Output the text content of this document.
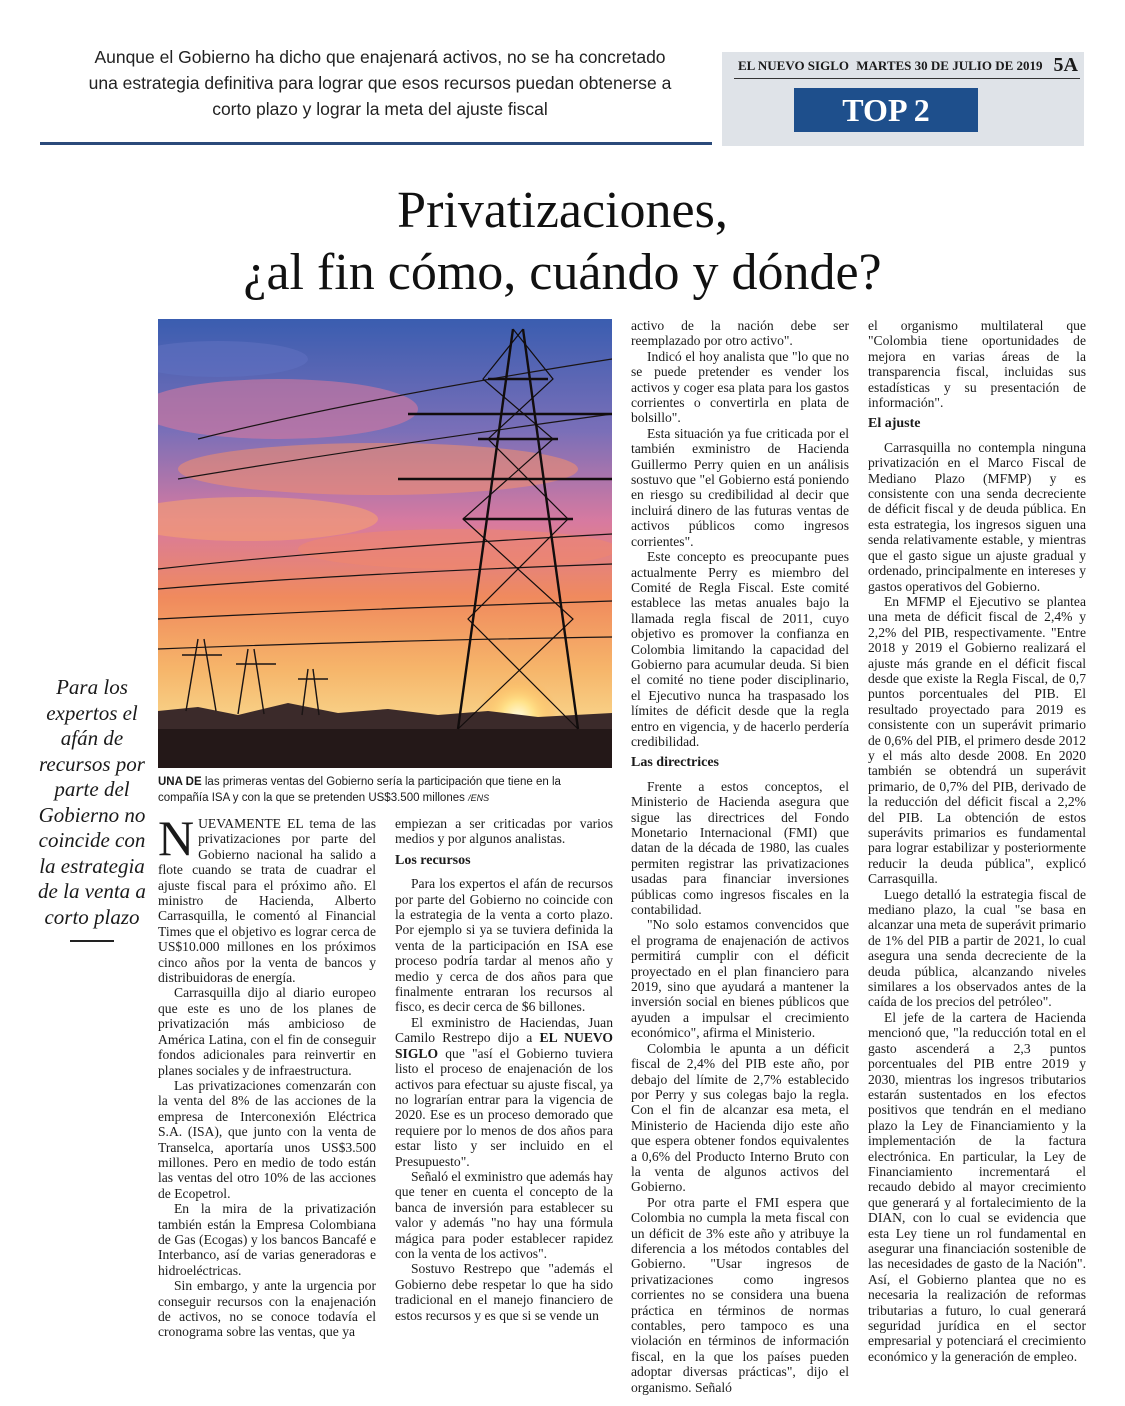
Aunque el Gobierno ha dicho que enajenará activos, no se ha concretado una estrategia definitiva para lograr que esos recursos puedan obtenerse a corto plazo y lograr la meta del ajuste fiscal
EL NUEVO SIGLO MARTES 30 DE JULIO DE 2019 5A
TOP 2
Privatizaciones,
¿al fin cómo, cuándo y dónde?
UNA DE las primeras ventas del Gobierno sería la participación que tiene en la compañía ISA y con la que se pretenden US$3.500 millones /ENS
Para los expertos el afán de recursos por parte del Gobierno no coincide con la estrategia de la venta a corto plazo

NUEVAMENTE EL tema de las privatizaciones por parte del Gobierno nacional ha salido a flote cuando se trata de cuadrar el ajuste fiscal para el próximo año. El ministro de Hacienda, Alberto Carrasquilla, le comentó al Financial Times que el objetivo es lograr cerca de US$10.000 millones en los próximos cinco años por la venta de bancos y distribuidoras de energía.

Carrasquilla dijo al diario europeo que este es uno de los planes de privatización más ambicioso de América Latina, con el fin de conseguir fondos adicionales para reinvertir en planes sociales y de infraestructura.

Las privatizaciones comenzarán con la venta del 8% de las acciones de la empresa de Interconexión Eléctrica S.A. (ISA), que junto con la venta de Transelca, aportaría unos US$3.500 millones. Pero en medio de todo están las ventas del otro 10% de las acciones de Ecopetrol.

En la mira de la privatización también están la Empresa Colombiana de Gas (Ecogas) y los bancos Bancafé e Interbanco, así de varias generadoras e hidroeléctricas.

Sin embargo, y ante la urgencia por conseguir recursos con la enajenación de activos, no se conoce todavía el cronograma sobre las ventas, que ya

empiezan a ser criticadas por varios medios y por algunos analistas.

Los recursos

Para los expertos el afán de recursos por parte del Gobierno no coincide con la estrategia de la venta a corto plazo. Por ejemplo si ya se tuviera definida la venta de la participación en ISA ese proceso podría tardar al menos año y medio y cerca de dos años para que finalmente entraran los recursos al fisco, es decir cerca de $6 billones.

El exministro de Haciendas, Juan Camilo Restrepo dijo a EL NUEVO SIGLO que "así el Gobierno tuviera listo el proceso de enajenación de los activos para efectuar su ajuste fiscal, ya no lograrían entrar para la vigencia de 2020. Ese es un proceso demorado que requiere por lo menos de dos años para estar listo y ser incluido en el Presupuesto".

Señaló el exministro que además hay que tener en cuenta el concepto de la banca de inversión para establecer su valor y además "no hay una fórmula mágica para poder establecer rapidez con la venta de los activos".

Sostuvo Restrepo que "además el Gobierno debe respetar lo que ha sido tradicional en el manejo financiero de estos recursos y es que si se vende un

activo de la nación debe ser reemplazado por otro activo".

Indicó el hoy analista que "lo que no se puede pretender es vender los activos y coger esa plata para los gastos corrientes o convertirla en plata de bolsillo".

Esta situación ya fue criticada por el también exministro de Hacienda Guillermo Perry quien en un análisis sostuvo que "el Gobierno está poniendo en riesgo su credibilidad al decir que incluirá dinero de las futuras ventas de activos públicos como ingresos corrientes".

Este concepto es preocupante pues actualmente Perry es miembro del Comité de Regla Fiscal. Este comité establece las metas anuales bajo la llamada regla fiscal de 2011, cuyo objetivo es promover la confianza en Colombia limitando la capacidad del Gobierno para acumular deuda. Si bien el comité no tiene poder disciplinario, el Ejecutivo nunca ha traspasado los límites de déficit desde que la regla entro en vigencia, y de hacerlo perdería credibilidad.

Las directrices

Frente a estos conceptos, el Ministerio de Hacienda asegura que sigue las directrices del Fondo Monetario Internacional (FMI) que datan de la década de 1980, las cuales permiten registrar las privatizaciones usadas para financiar inversiones públicas como ingresos fiscales en la contabilidad.

"No solo estamos convencidos que el programa de enajenación de activos permitirá cumplir con el déficit proyectado en el plan financiero para 2019, sino que ayudará a mantener la inversión social en bienes públicos que ayuden a impulsar el crecimiento económico", afirma el Ministerio.

Colombia le apunta a un déficit fiscal de 2,4% del PIB este año, por debajo del límite de 2,7% establecido por Perry y sus colegas bajo la regla. Con el fin de alcanzar esa meta, el Ministerio de Hacienda dijo este año que espera obtener fondos equivalentes a 0,6% del Producto Interno Bruto con la venta de algunos activos del Gobierno.

Por otra parte el FMI espera que Colombia no cumpla la meta fiscal con un déficit de 3% este año y atribuye la diferencia a los métodos contables del Gobierno. "Usar ingresos de privatizaciones como ingresos corrientes no se considera una buena práctica en términos de normas contables, pero tampoco es una violación en términos de información fiscal, en la que los países pueden adoptar diversas prácticas", dijo el organismo. Señaló

el organismo multilateral que "Colombia tiene oportunidades de mejora en varias áreas de la transparencia fiscal, incluidas sus estadísticas y su presentación de información".

El ajuste

Carrasquilla no contempla ninguna privatización en el Marco Fiscal de Mediano Plazo (MFMP) y es consistente con una senda decreciente de déficit fiscal y de deuda pública. En esta estrategia, los ingresos siguen una senda relativamente estable, y mientras que el gasto sigue un ajuste gradual y ordenado, principalmente en intereses y gastos operativos del Gobierno.

En MFMP el Ejecutivo se plantea una meta de déficit fiscal de 2,4% y 2,2% del PIB, respectivamente. "Entre 2018 y 2019 el Gobierno realizará el ajuste más grande en el déficit fiscal desde que existe la Regla Fiscal, de 0,7 puntos porcentuales del PIB. El resultado proyectado para 2019 es consistente con un superávit primario de 0,6% del PIB, el primero desde 2012 y el más alto desde 2008. En 2020 también se obtendrá un superávit primario, de 0,7% del PIB, derivado de la reducción del déficit fiscal a 2,2% del PIB. La obtención de estos superávits primarios es fundamental para lograr estabilizar y posteriormente reducir la deuda pública", explicó Carrasquilla.

Luego detalló la estrategia fiscal de mediano plazo, la cual "se basa en alcanzar una meta de superávit primario de 1% del PIB a partir de 2021, lo cual asegura una senda decreciente de la deuda pública, alcanzando niveles similares a los observados antes de la caída de los precios del petróleo".

El jefe de la cartera de Hacienda mencionó que, "la reducción total en el gasto ascenderá a 2,3 puntos porcentuales del PIB entre 2019 y 2030, mientras los ingresos tributarios estarán sustentados en los efectos positivos que tendrán en el mediano plazo la Ley de Financiamiento y la implementación de la factura electrónica. En particular, la Ley de Financiamiento incrementará el recaudo debido al mayor crecimiento que generará y al fortalecimiento de la DIAN, con lo cual se evidencia que esta Ley tiene un rol fundamental en asegurar una financiación sostenible de las necesidades de gasto de la Nación". Así, el Gobierno plantea que no es necesaria la realización de reformas tributarias a futuro, lo cual generará seguridad jurídica en el sector empresarial y potenciará el crecimiento económico y la generación de empleo.
